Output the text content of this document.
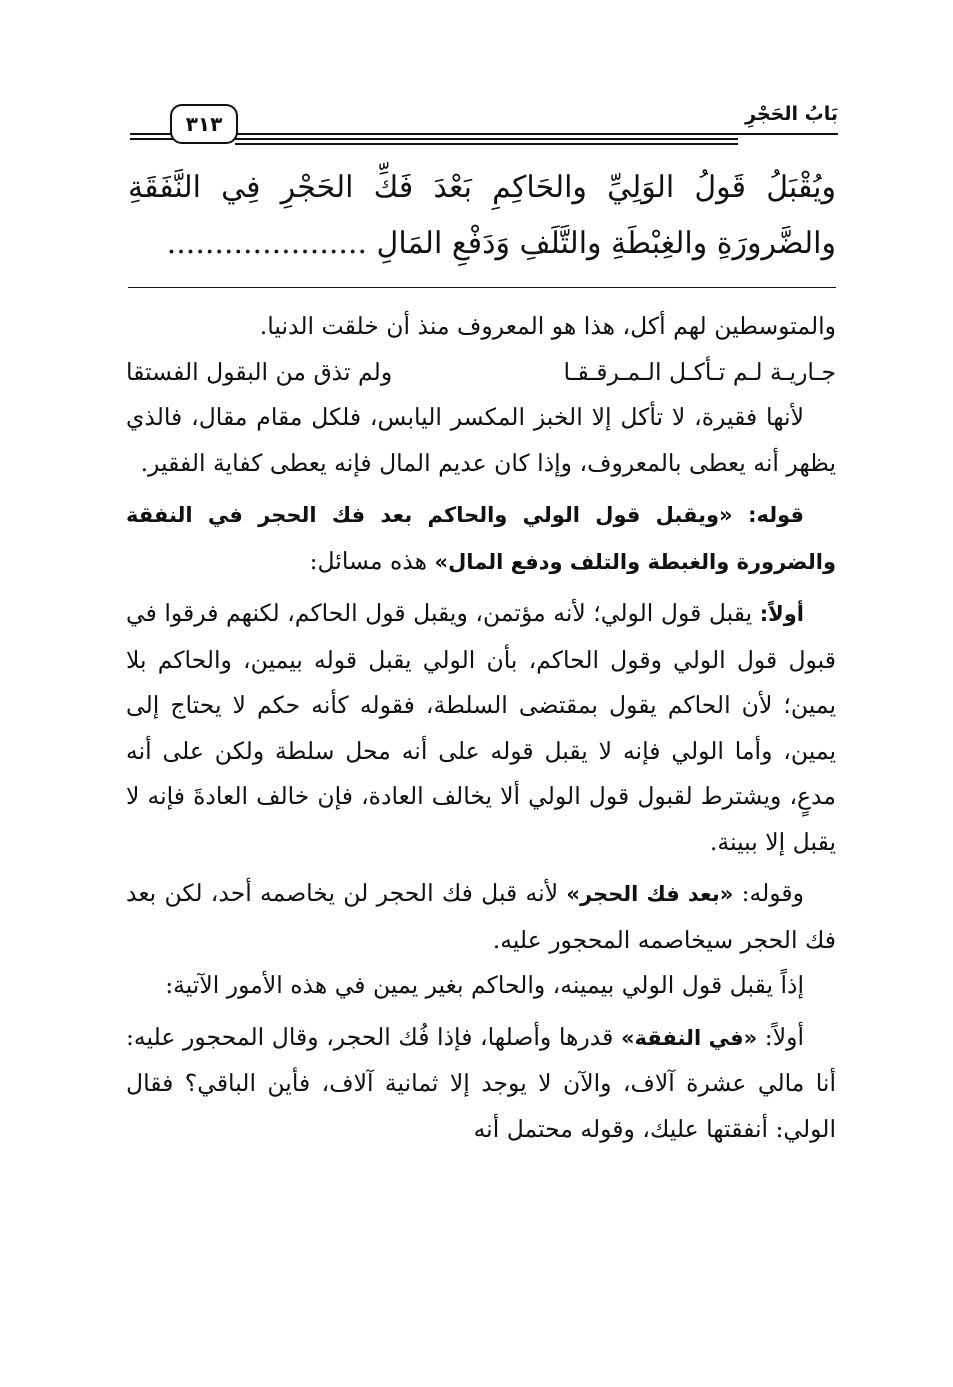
بَابُ الحَجْرِ
٣١٣
ويُقْبَلُ قَولُ الوَلِيِّ والحَاكِمِ بَعْدَ فَكِّ الحَجْرِ فِي النَّفَقَةِ
والضَّرورَةِ والغِبْطَةِ والتَّلَفِ وَدَفْعِ المَالِ .....................

والمتوسطين لهم أكل، هذا هو المعروف منذ أن خلقت الدنيا.

جـاريـة لـم تـأكـل الـمـرقـقـا
ولم تذق من البقول الفستقا

لأنها فقيرة، لا تأكل إلا الخبز المكسر اليابس، فلكل مقام مقال، فالذي يظهر أنه يعطى بالمعروف، وإذا كان عديم المال فإنه يعطى كفاية الفقير.

قوله: «ويقبل قول الولي والحاكم بعد فك الحجر في النفقة والضرورة والغبطة والتلف ودفع المال» هذه مسائل:

أولاً: يقبل قول الولي؛ لأنه مؤتمن، ويقبل قول الحاكم، لكنهم فرقوا في قبول قول الولي وقول الحاكم، بأن الولي يقبل قوله بيمين، والحاكم بلا يمين؛ لأن الحاكم يقول بمقتضى السلطة، فقوله كأنه حكم لا يحتاج إلى يمين، وأما الولي فإنه لا يقبل قوله على أنه محل سلطة ولكن على أنه مدعٍ، ويشترط لقبول قول الولي ألا يخالف العادة، فإن خالف العادةَ فإنه لا يقبل إلا ببينة.

وقوله: «بعد فك الحجر» لأنه قبل فك الحجر لن يخاصمه أحد، لكن بعد فك الحجر سيخاصمه المحجور عليه.

إذاً يقبل قول الولي بيمينه، والحاكم بغير يمين في هذه الأمور الآتية:

أولاً: «في النفقة» قدرها وأصلها، فإذا فُك الحجر، وقال المحجور عليه: أنا مالي عشرة آلاف، والآن لا يوجد إلا ثمانية آلاف، فأين الباقي؟ فقال الولي: أنفقتها عليك، وقوله محتمل أنه
